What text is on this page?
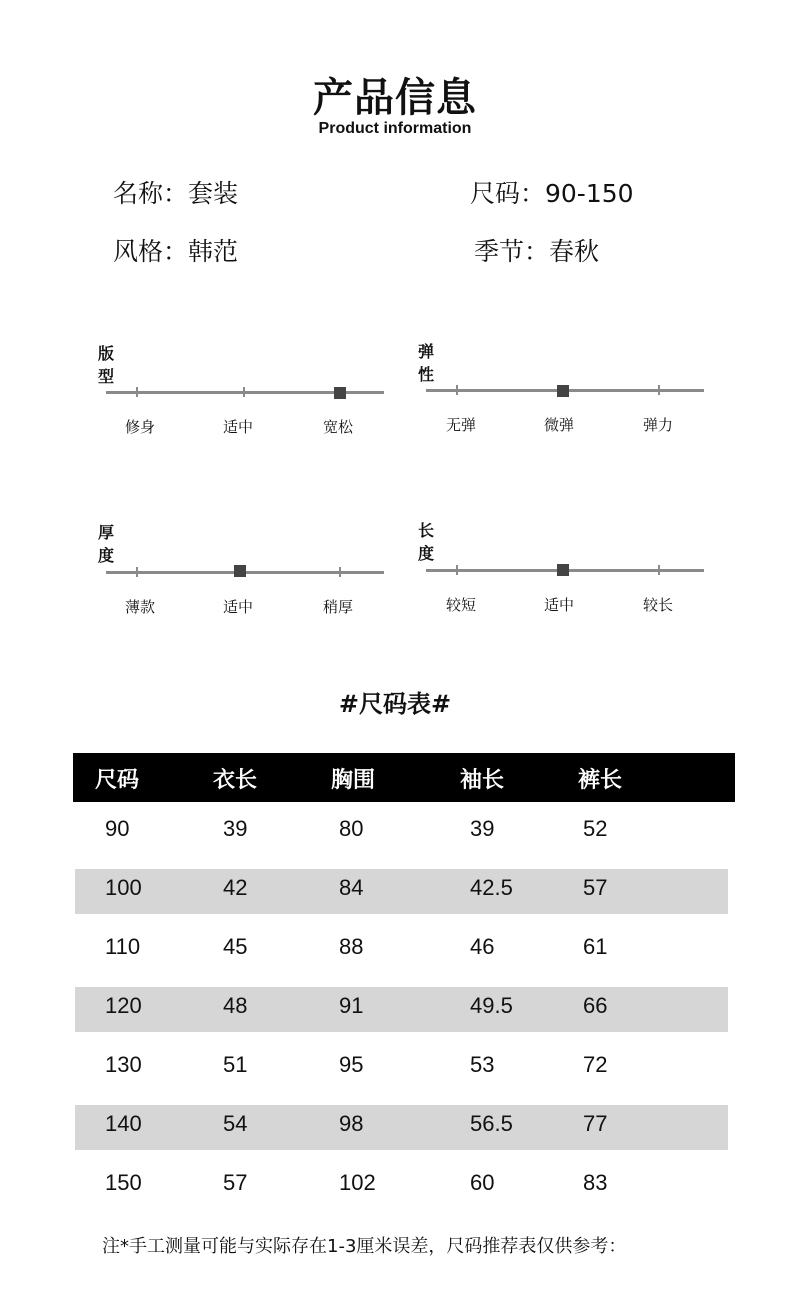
产品信息
Product information
名称：套装	尺码：90-150
风格：韩范	季节：春秋
版型
修身	适中	宽松
弹性
无弹	微弹	弹力
厚度
薄款	适中	稍厚
长度
较短	适中	较长
#尺码表#
尺码	衣长	胸围	袖长	裤长
90	39	80	39	52
100	42	84	42.5	57
110	45	88	46	61
120	48	91	49.5	66
130	51	95	53	72
140	54	98	56.5	77
150	57	102	60	83
注*手工测量可能与实际存在1-3厘米误差，尺码推荐表仅供参考：
